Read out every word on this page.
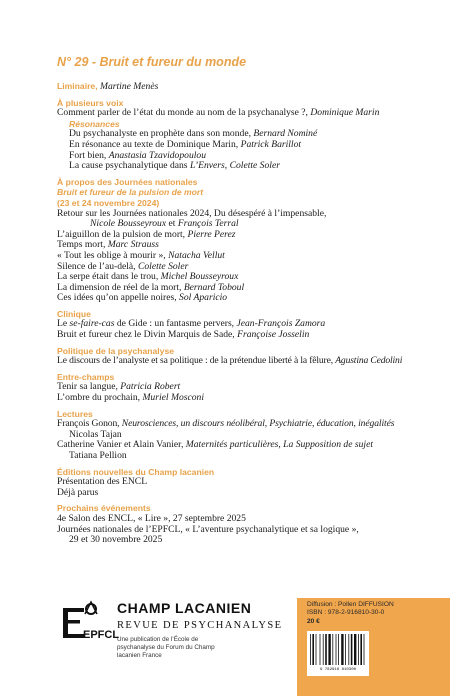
N° 29 - Bruit et fureur du monde
Liminaire, Martine Menès
À plusieurs voix
Comment parler de l’état du monde au nom de la psychanalyse ?, Dominique Marin
Résonances
Du psychanalyste en prophète dans son monde, Bernard Nominé
En résonance au texte de Dominique Marin, Patrick Barillot
Fort bien, Anastasia Tzavidopoulou
La cause psychanalytique dans L’Envers, Colette Soler
À propos des Journées nationales
Bruit et fureur de la pulsion de mort
(23 et 24 novembre 2024)
Retour sur les Journées nationales 2024, Du désespéré à l’impensable,
Nicole Bousseyroux et François Terral
L’aiguillon de la pulsion de mort, Pierre Perez
Temps mort, Marc Strauss
« Tout les oblige à mourir », Natacha Vellut
Silence de l’au-delà, Colette Soler
La serpe était dans le trou, Michel Bousseyroux
La dimension de réel de la mort, Bernard Toboul
Ces idées qu’on appelle noires, Sol Aparicio
Clinique
Le se-faire-cas de Gide : un fantasme pervers, Jean-François Zamora
Bruit et fureur chez le Divin Marquis de Sade, Françoise Josselin
Politique de la psychanalyse
Le discours de l’analyste et sa politique : de la prétendue liberté à la fêlure, Agustina Cedolini
Entre-champs
Tenir sa langue, Patricia Robert
L’ombre du prochain, Muriel Mosconi
Lectures
François Gonon, Neurosciences, un discours néolibéral, Psychiatrie, éducation, inégalités
Nicolas Tajan
Catherine Vanier et Alain Vanier, Maternités particulières, La Supposition de sujet
Tatiana Pellion
Éditions nouvelles du Champ lacanien
Présentation des ENCL
Déjà parus
Prochains événements
4e Salon des ENCL, « Lire », 27 septembre 2025
Journées nationales de l’EPFCL, « L’aventure psychanalytique et sa logique »,
29 et 30 novembre 2025
EPFCL
CHAMP LACANIEN
REVUE DE PSYCHANALYSE
Une publication de l’École de psychanalyse du Forum du Champ lacanien France
Diffusion : Pollen DIFFUSION
ISBN : 978-2-916810-30-0
20 €
9 782916 810300
